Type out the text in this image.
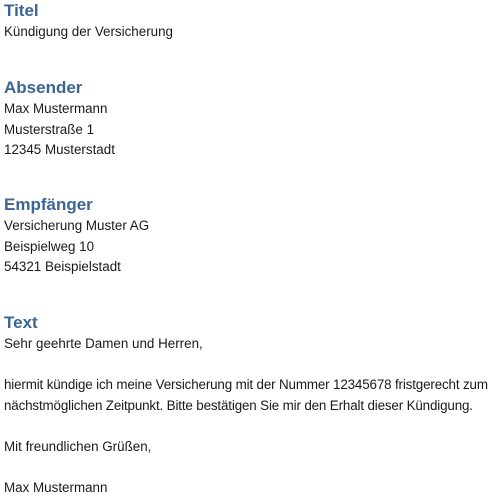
Titel

Kündigung der Versicherung

Absender

Max Mustermann

Musterstraße 1

12345 Musterstadt

Empfänger

Versicherung Muster AG

Beispielweg 10

54321 Beispielstadt

Text

Sehr geehrte Damen und Herren,

hiermit kündige ich meine Versicherung mit der Nummer 12345678 fristgerecht zum nächstmöglichen Zeitpunkt. Bitte bestätigen Sie mir den Erhalt dieser Kündigung.

Mit freundlichen Grüßen,

Max Mustermann
